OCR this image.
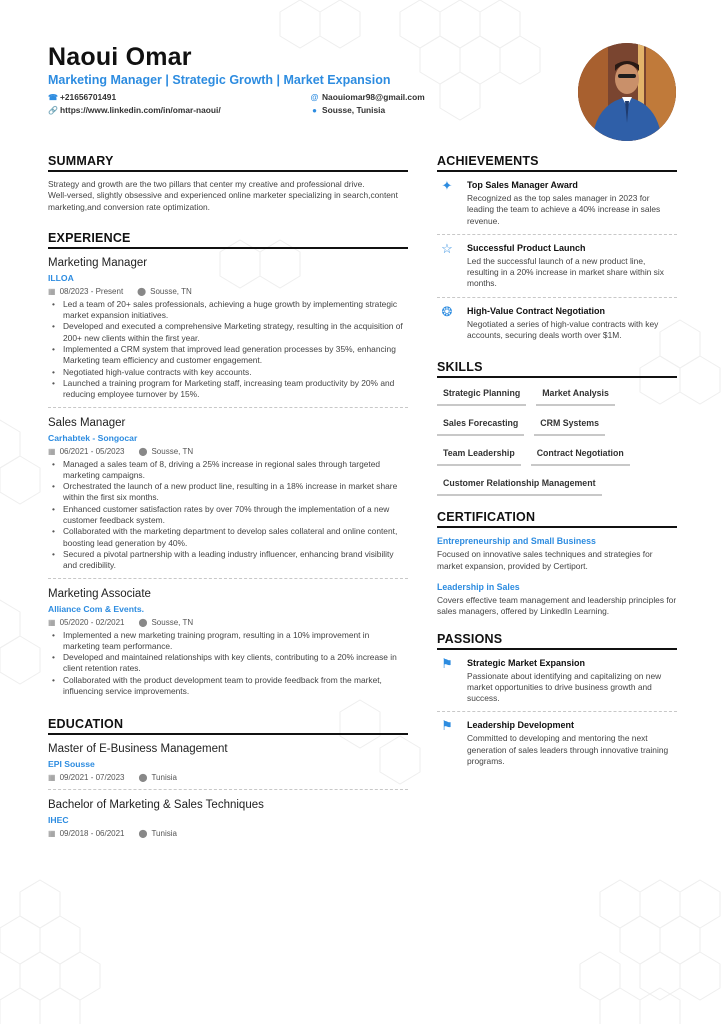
Naoui Omar
Marketing Manager | Strategic Growth | Market Expansion
☎ +21656701491	@ Naouiomar98@gmail.com
🔗 https://www.linkedin.com/in/omar-naoui/	● Sousse, Tunisia
SUMMARY
Strategy and growth are the two pillars that center my creative and professional drive.
Well-versed, slightly obsessive and experienced online marketer specializing in search,content marketing,and conversion rate optimization.
EXPERIENCE
Marketing Manager
ILLOA
▦ 08/2023 - Present ⬤ Sousse, TN
• Led a team of 20+ sales professionals, achieving a huge growth by implementing strategic market expansion initiatives.
• Developed and executed a comprehensive Marketing strategy, resulting in the acquisition of 200+ new clients within the first year.
• Implemented a CRM system that improved lead generation processes by 35%, enhancing Marketing team efficiency and customer engagement.
• Negotiated high-value contracts with key accounts.
• Launched a training program for Marketing staff, increasing team productivity by 20% and reducing employee turnover by 15%.
Sales Manager
Carhabtek - Songocar
▦ 06/2021 - 05/2023 ⬤ Sousse, TN
• Managed a sales team of 8, driving a 25% increase in regional sales through targeted marketing campaigns.
• Orchestrated the launch of a new product line, resulting in a 18% increase in market share within the first six months.
• Enhanced customer satisfaction rates by over 70% through the implementation of a new customer feedback system.
• Collaborated with the marketing department to develop sales collateral and online content, boosting lead generation by 40%.
• Secured a pivotal partnership with a leading industry influencer, enhancing brand visibility and credibility.
Marketing Associate
Alliance Com & Events.
▦ 05/2020 - 02/2021 ⬤ Sousse, TN
• Implemented a new marketing training program, resulting in a 10% improvement in marketing team performance.
• Developed and maintained relationships with key clients, contributing to a 20% increase in client retention rates.
• Collaborated with the product development team to provide feedback from the market, influencing service improvements.
EDUCATION
Master of E-Business Management
EPI Sousse
▦ 09/2021 - 07/2023 ⬤ Tunisia
Bachelor of Marketing & Sales Techniques
IHEC
▦ 09/2018 - 06/2021 ⬤ Tunisia
ACHIEVEMENTS
✦	Top Sales Manager Award
Recognized as the top sales manager in 2023 for leading the team to achieve a 40% increase in sales revenue.
☆	Successful Product Launch
Led the successful launch of a new product line, resulting in a 20% increase in market share within six months.
❂	High-Value Contract Negotiation
Negotiated a series of high-value contracts with key accounts, securing deals worth over $1M.
SKILLS
Strategic Planning	Market Analysis
Sales Forecasting	CRM Systems
Team Leadership	Contract Negotiation
Customer Relationship Management
CERTIFICATION
Entrepreneurship and Small Business
Focused on innovative sales techniques and strategies for market expansion, provided by Certiport.
Leadership in Sales
Covers effective team management and leadership principles for sales managers, offered by LinkedIn Learning.
PASSIONS
⚑	Strategic Market Expansion
Passionate about identifying and capitalizing on new market opportunities to drive business growth and success.
⚑	Leadership Development
Committed to developing and mentoring the next generation of sales leaders through innovative training programs.
